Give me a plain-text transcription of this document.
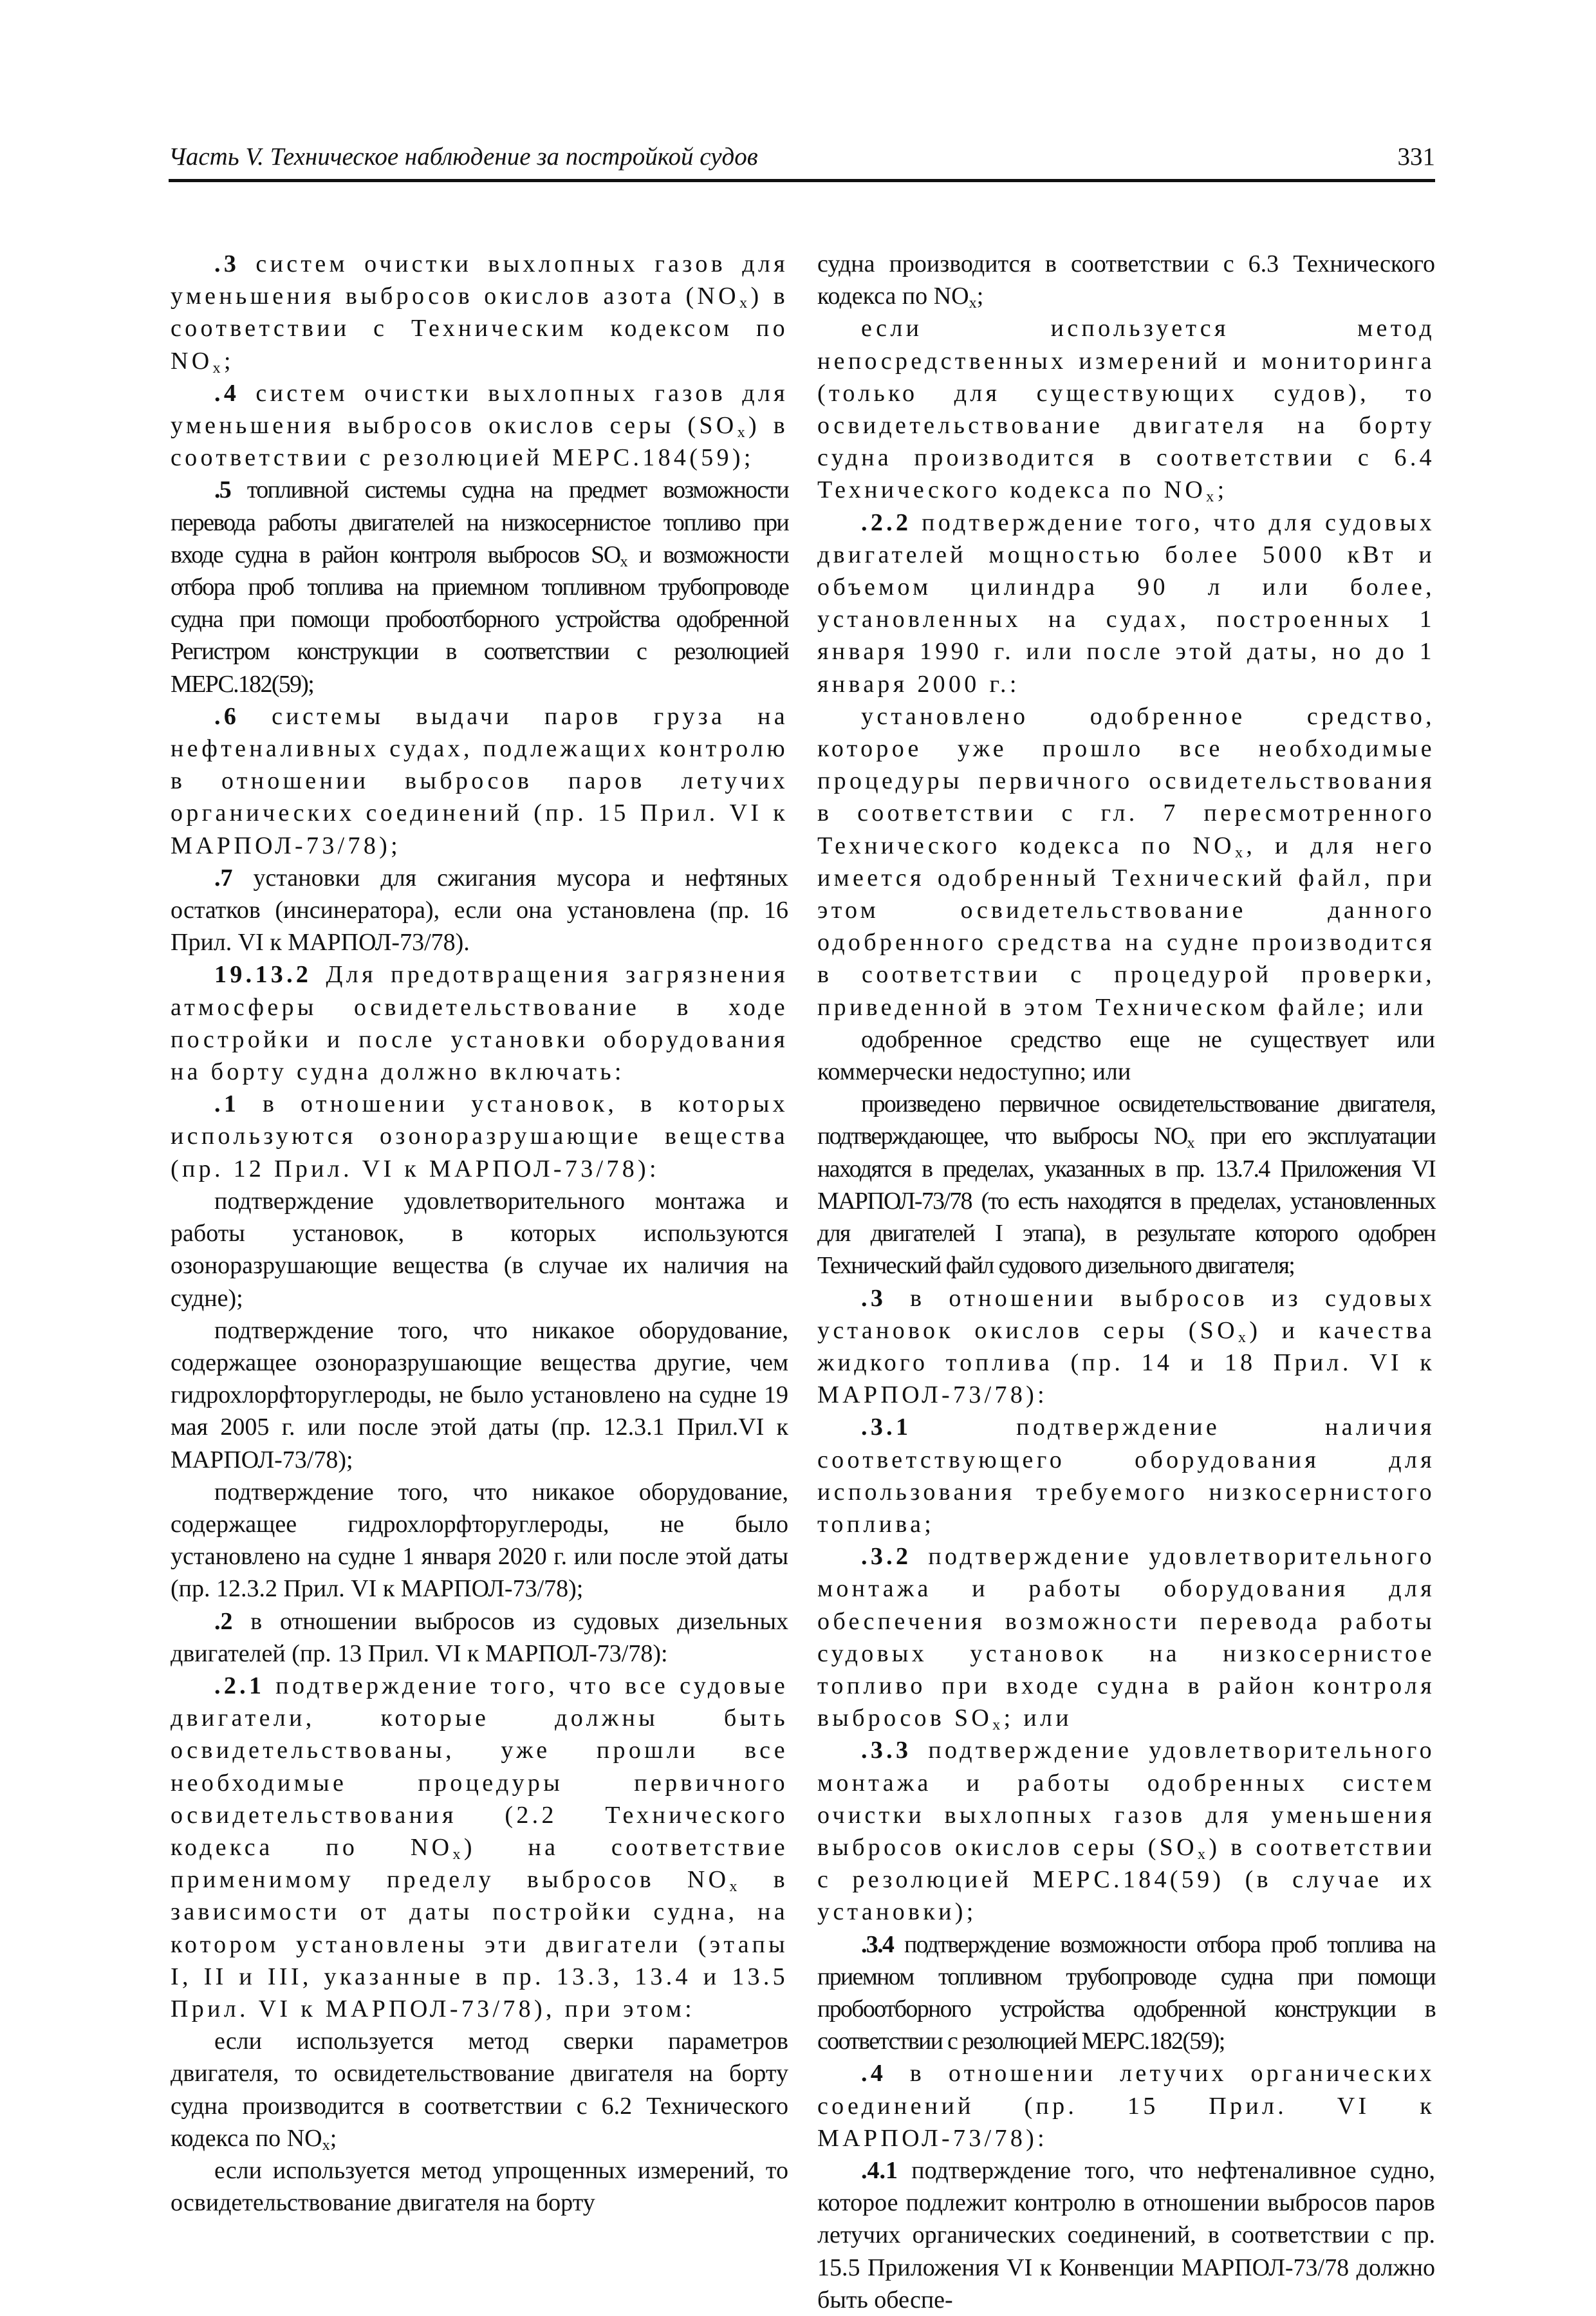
Часть V. Техническое наблюдение за постройкой судов	331

.3 систем очистки выхлопных газов для уменьшения выбросов окислов азота $(NO_x)$ в соответствии с Техническим кодексом по $NO_x$;

.4 систем очистки выхлопных газов для уменьшения выбросов окислов серы $(SO_x)$ в соответствии с резолюцией МЕРС.184(59);

.5 топливной системы судна на предмет возможности перевода работы двигателей на низкосернистое топливо при входе судна в район контроля выбросов $SO_x$ и возможности отбора проб топлива на приемном топливном трубопроводе судна при помощи пробоотборного устройства одобренной Регистром конструкции в соответствии с резолюцией МЕРС.182(59);

.6 системы выдачи паров груза на нефтеналивных судах, подлежащих контролю в отношении выбросов паров летучих органических соединений (пр. 15 Прил. VI к МАРПОЛ-73/78);

.7 установки для сжигания мусора и нефтяных остатков (инсинератора), если она установлена (пр. 16 Прил. VI к МАРПОЛ-73/78).

19.13.2 Для предотвращения загрязнения атмосферы освидетельствование в ходе постройки и после установки оборудования на борту судна должно включать:

.1 в отношении установок, в которых используются озоноразрушающие вещества (пр. 12 Прил. VI к МАРПОЛ-73/78):

подтверждение удовлетворительного монтажа и работы установок, в которых используются озоноразрушающие вещества (в случае их наличия на судне);

подтверждение того, что никакое оборудование, содержащее озоноразрушающие вещества другие, чем гидрохлорфторуглероды, не было установлено на судне 19 мая 2005 г. или после этой даты (пр. 12.3.1 Прил.VI к МАРПОЛ-73/78);

подтверждение того, что никакое оборудование, содержащее гидрохлорфторуглероды, не было установлено на судне 1 января 2020 г. или после этой даты (пр. 12.3.2 Прил. VI к МАРПОЛ-73/78);

.2 в отношении выбросов из судовых дизельных двигателей (пр. 13 Прил. VI к МАРПОЛ-73/78):

.2.1 подтверждение того, что все судовые двигатели, которые должны быть освидетельствованы, уже прошли все необходимые процедуры первичного освидетельствования (2.2 Технического кодекса по $NO_x$) на соответствие применимому пределу выбросов $NO_x$ в зависимости от даты постройки судна, на котором установлены эти двигатели (этапы I, II и III, указанные в пр. 13.3, 13.4 и 13.5 Прил. VI к МАРПОЛ-73/78), при этом:

если используется метод сверки параметров двигателя, то освидетельствование двигателя на борту судна производится в соответствии с 6.2 Технического кодекса по $NO_x$;

если используется метод упрощенных измерений, то освидетельствование двигателя на борту

судна производится в соответствии с 6.3 Технического кодекса по $NO_x$;

если используется метод непосредственных измерений и мониторинга (только для существующих судов), то освидетельствование двигателя на борту судна производится в соответствии с 6.4 Технического кодекса по $NO_x$;

.2.2 подтверждение того, что для судовых двигателей мощностью более 5000 кВт и объемом цилиндра 90 л или более, установленных на судах, построенных 1 января 1990 г. или после этой даты, но до 1 января 2000 г.:

установлено одобренное средство, которое уже прошло все необходимые процедуры первичного освидетельствования в соответствии с гл. 7 пересмотренного Технического кодекса по $NO_x$, и для него имеется одобренный Технический файл, при этом освидетельствование данного одобренного средства на судне производится в соответствии с процедурой проверки, приведенной в этом Техническом файле; или

одобренное средство еще не существует или коммерчески недоступно; или

произведено первичное освидетельствование двигателя, подтверждающее, что выбросы $NO_x$ при его эксплуатации находятся в пределах, указанных в пр. 13.7.4 Приложения VI МАРПОЛ-73/78 (то есть находятся в пределах, установленных для двигателей I этапа), в результате которого одобрен Технический файл судового дизельного двигателя;

.3 в отношении выбросов из судовых установок окислов серы $(SO_x)$ и качества жидкого топлива (пр. 14 и 18 Прил. VI к МАРПОЛ-73/78):

.3.1	подтверждение наличия соответствующего оборудования для использования требуемого низкосернистого топлива;

.3.2 подтверждение удовлетворительного монтажа и работы оборудования для обеспечения возможности перевода работы судовых установок на низкосернистое топливо при входе судна в район контроля выбросов $SO_x$; или

.3.3 подтверждение удовлетворительного монтажа и работы одобренных систем очистки выхлопных газов для уменьшения выбросов окислов серы $(SO_x)$ в соответствии с резолюцией МЕРС.184(59) (в случае их установки);

.3.4 подтверждение возможности отбора проб топлива на приемном топливном трубопроводе судна при помощи пробоотборного устройства одобренной конструкции в соответствии с резолюцией МЕРС.182(59);

.4 в отношении летучих органических соединений (пр. 15 Прил. VI к МАРПОЛ-73/78):

.4.1 подтверждение того, что нефтеналивное судно, которое подлежит контролю в отношении выбросов паров летучих органических соединений, в соответствии с пр. 15.5 Приложения VI к Конвенции МАРПОЛ-73/78 должно быть обеспе-
